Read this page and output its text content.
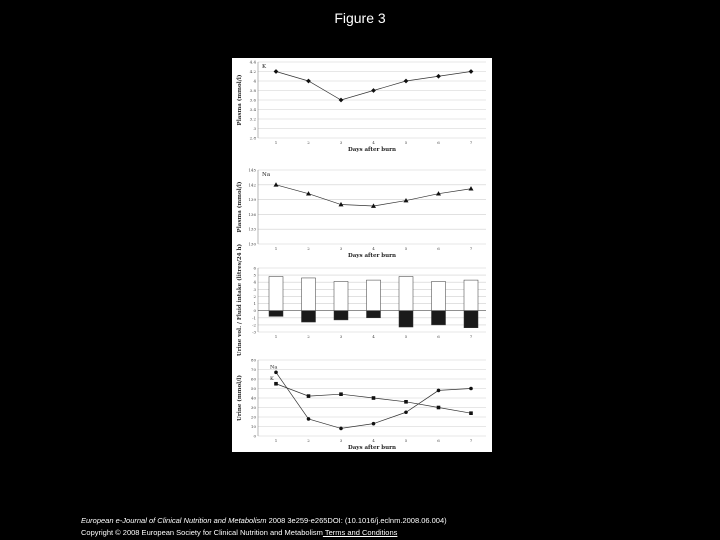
Figure 3
4.4
4.2
4
3.8
3.6
3.4
3.2
3
2.8
Plasma (mmol/l)
1	2	3	4	5	6	7
Days after burn
K
145
142
139
136
133
130
Plasma (mmol/l)
1	2	3	4	5	6	7
Days after burn
Na
6
5
4
3
2
1
0
-1
-2
-3
Urine vol. / Fluid intake (litres/24 h)	1	2	3	4	5	6	7
80
70
60
50
40
30
20
10
0
Urine (mmol/l)
1	2	3	4	5	6	7
Days after burn
Na
K
European e-Journal of Clinical Nutrition and Metabolism 2008 3e259-e265DOI: (10.1016/j.eclnm.2008.06.004)
Copyright © 2008 European Society for Clinical Nutrition and Metabolism Terms and Conditions
